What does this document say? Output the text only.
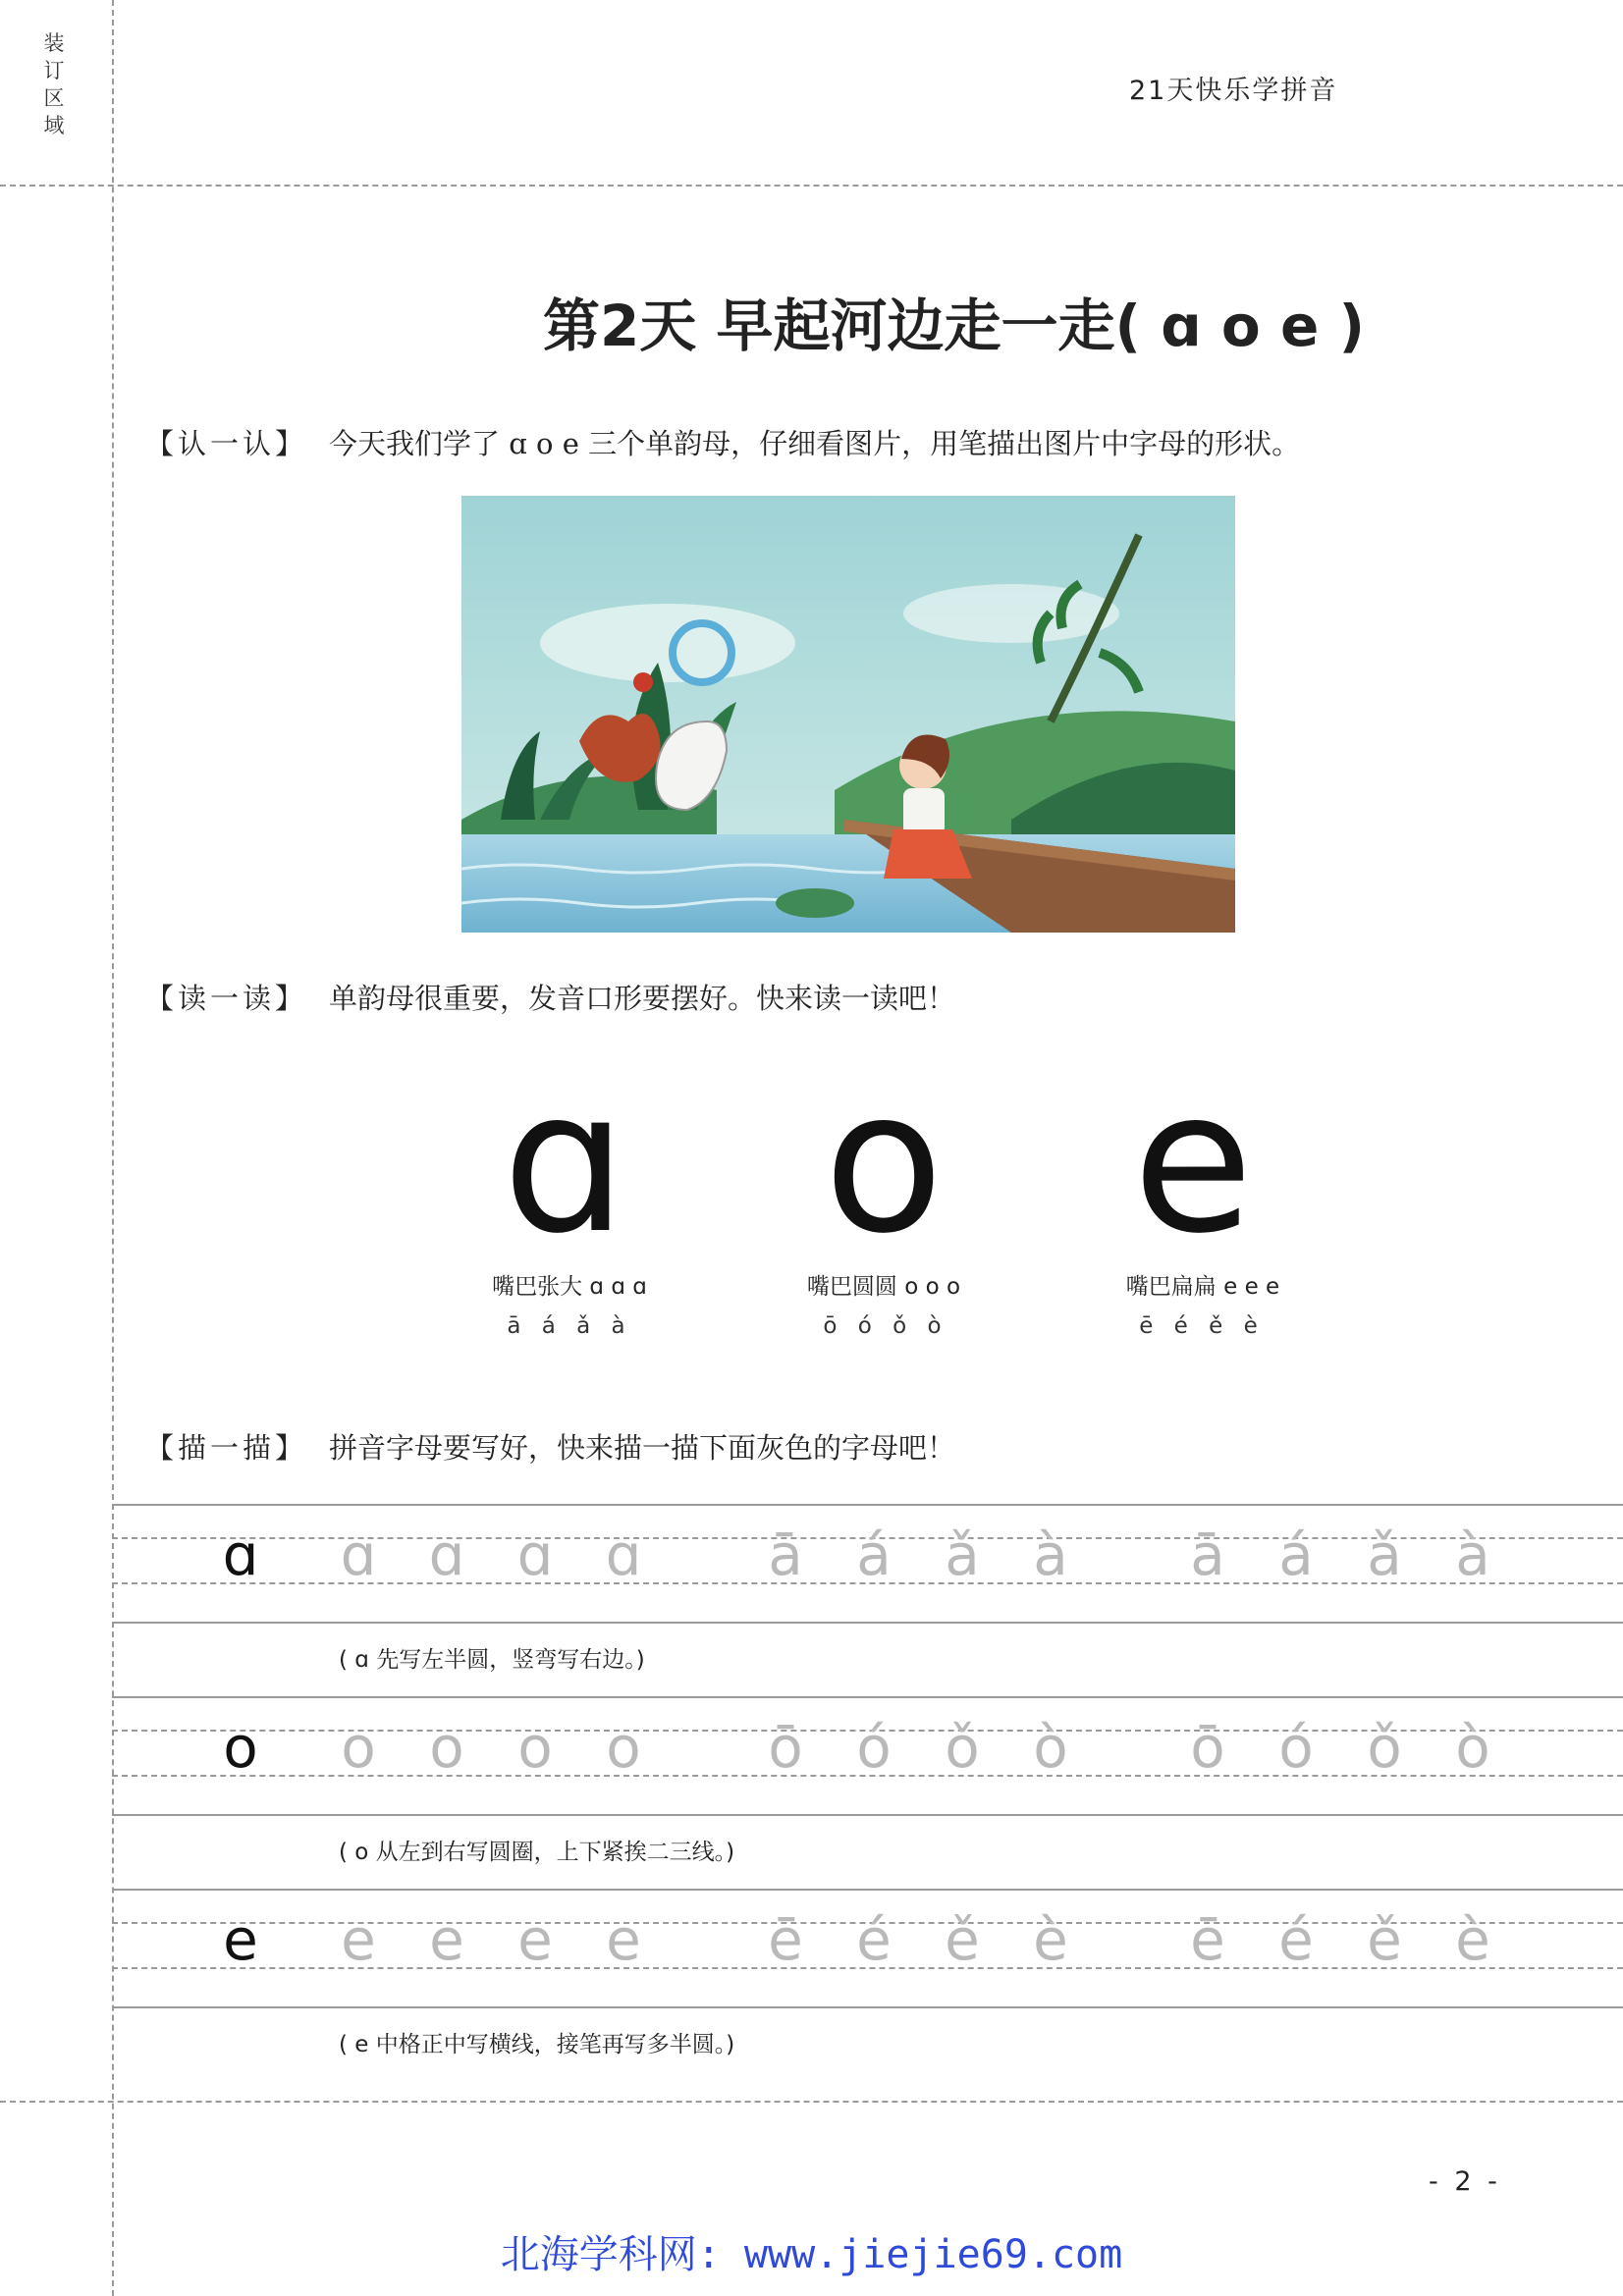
装
订
区
域
21天快乐学拼音
第2天 早起河边走一走( ɑ o e )
【认一认】 今天我们学了 ɑ o e 三个单韵母，仔细看图片，用笔描出图片中字母的形状。
【读一读】 单韵母很重要，发音口形要摆好。快来读一读吧！
ɑ o e
嘴巴张大 ɑ ɑ ɑ	嘴巴圆圆 o o o	嘴巴扁扁 e e e
ā á ǎ à	ō ó ǒ ò	ē é ě è
【描一描】 拼音字母要写好，快来描一描下面灰色的字母吧！
ɑ ɑ ɑ ɑ ɑ ā á ǎ à ā á ǎ à
( ɑ 先写左半圆，竖弯写右边。)
o o o o o ō ó ǒ ò ō ó ǒ ò
( o 从左到右写圆圈，上下紧挨二三线。)
e e e e e ē é ě è ē é ě è
( e 中格正中写横线，接笔再写多半圆。)
- 2 -
北海学科网: www.jiejie69.com
